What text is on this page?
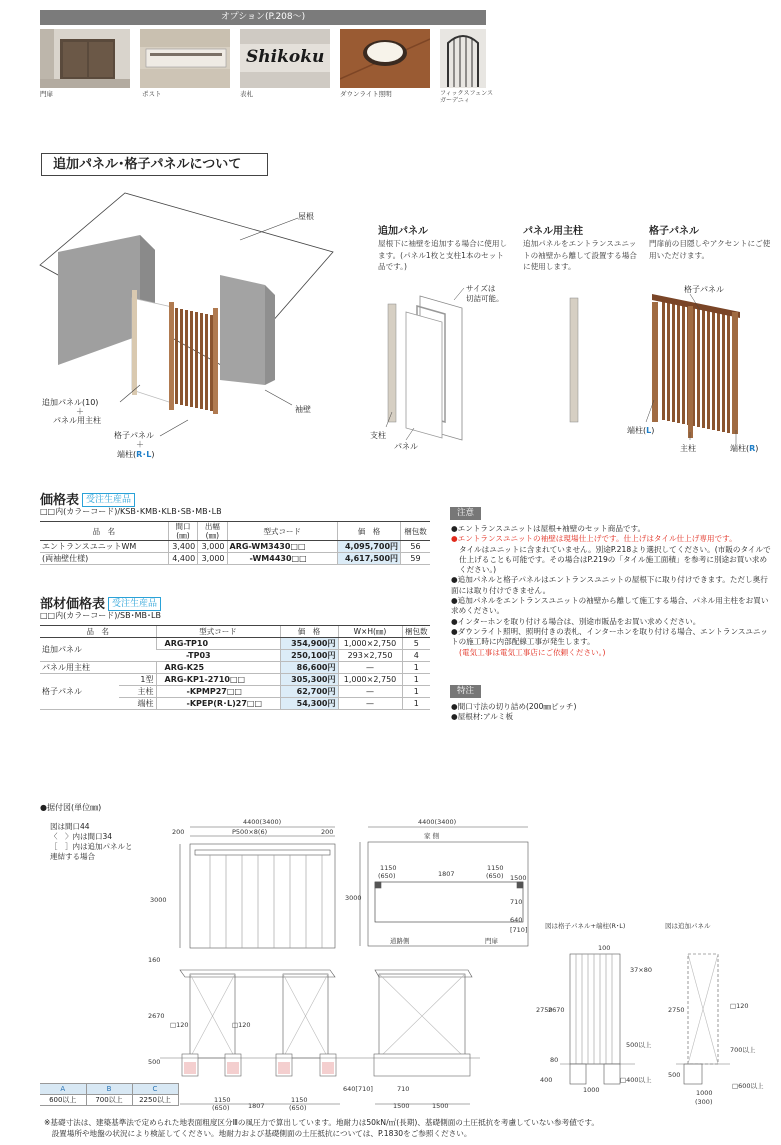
オプション(P.208〜)
門扉	ポスト
Shikoku
表札	ダウンライト照明	フィックスフェンス
ガーデニィ
追加パネル･格子パネルについて
屋根
袖壁
追加パネル(10)
＋
パネル用主柱
格子パネル
＋
端柱(R･L)
追加パネル
屋根下に袖壁を追加する場合に使用します。(パネル1枚と支柱1本のセット品です。)
パネル用主柱
追加パネルをエントランスユニットの袖壁から離して設置する場合に使用します。
格子パネル
門扉前の目隠しやアクセントにご使用いただけます。
サイズは
切詰可能。
支柱
パネル
格子パネル
端柱(L)
主柱	端柱(R)
価格表 受注生産品
□□内(カラーコード)/KSB･KMB･KLB･SB･MB･LB
品　名	間口
(㎜)	出幅
(㎜)	型式コード	価　格	梱包数
エントランスユニットWM	3,400	3,000	ARG-WM3430□□	4,095,700円	56
(両袖壁仕様)	4,400	3,000	-WM4430□□	4,617,500円	59
部材価格表 受注生産品
□□内(カラーコード)/SB･MB･LB
品　名		型式コード	価　格	W×H(㎜)	梱包数
追加パネル		ARG-TP10	354,900円	1,000×2,750	5
		-TP03	250,100円	293×2,750	4
パネル用主柱		ARG-K25	86,600円	—	1
格子パネル	1型	ARG-KP1-2710□□	305,300円	1,000×2,750	1
	主柱	-KPMP27□□	62,700円	—	1
	端柱	-KPEP(R･L)27□□	54,300円	—	1
注意
●エントランスユニットは屋根+袖壁のセット商品です。
●エントランスユニットの袖壁は現場仕上げです。仕上げはタイル仕上げ専用です。
タイルはユニットに含まれていません。別途P.218より選択してください。(市販のタイルで仕上げることも可能です。その場合はP.219の「タイル施工面積」を参考に別途お買い求めください。)
●追加パネルと格子パネルはエントランスユニットの屋根下に取り付けできます。ただし奥行面には取り付けできません。
●追加パネルをエントランスユニットの袖壁から離して施工する場合、パネル用主柱をお買い求めください。
●インターホンを取り付ける場合は、別途市販品をお買い求めください。
●ダウンライト照明、照明付きの表札、インターホンを取り付ける場合、エントランスユニットの施工時に内部配線工事が発生します。
(電気工事は電気工事店にご依頼ください。)
特注
●間口寸法の切り詰め(200㎜ピッチ)
●屋根材:アルミ板
●据付図(単位㎜)
図は間口44
〈　〉内は間口34
［　］内は追加パネルと
連結する場合
4400(3400)
200	200
P500×8(6)
3000
4400(3400)
家 側
3000
1150
(650)	1807
1150
(650) 1500
640
[710]
710
道路側	門扉
160
2670
500
□120	□120
1150
(650)	1807
1150
(650)
640[710]	710
1500	1500
図は格子パネル+端柱(R･L)	図は追加パネル
100
37×80
2750
2670
500以上
80
400
1000
□400以上
□120
2750
700以上
500
1000
(300)
□600以上
A	B	C
600以上	700以上	2250以上
※基礎寸法は、建築基準法で定められた地表面粗度区分Ⅲの風圧力で算出しています。地耐力は50kN/㎡(長期)、基礎側面の土圧抵抗を考慮していない参考値です。
　設置場所や地盤の状況により検証してください。地耐力および基礎側面の土圧抵抗については、P.1830をご参照ください。
